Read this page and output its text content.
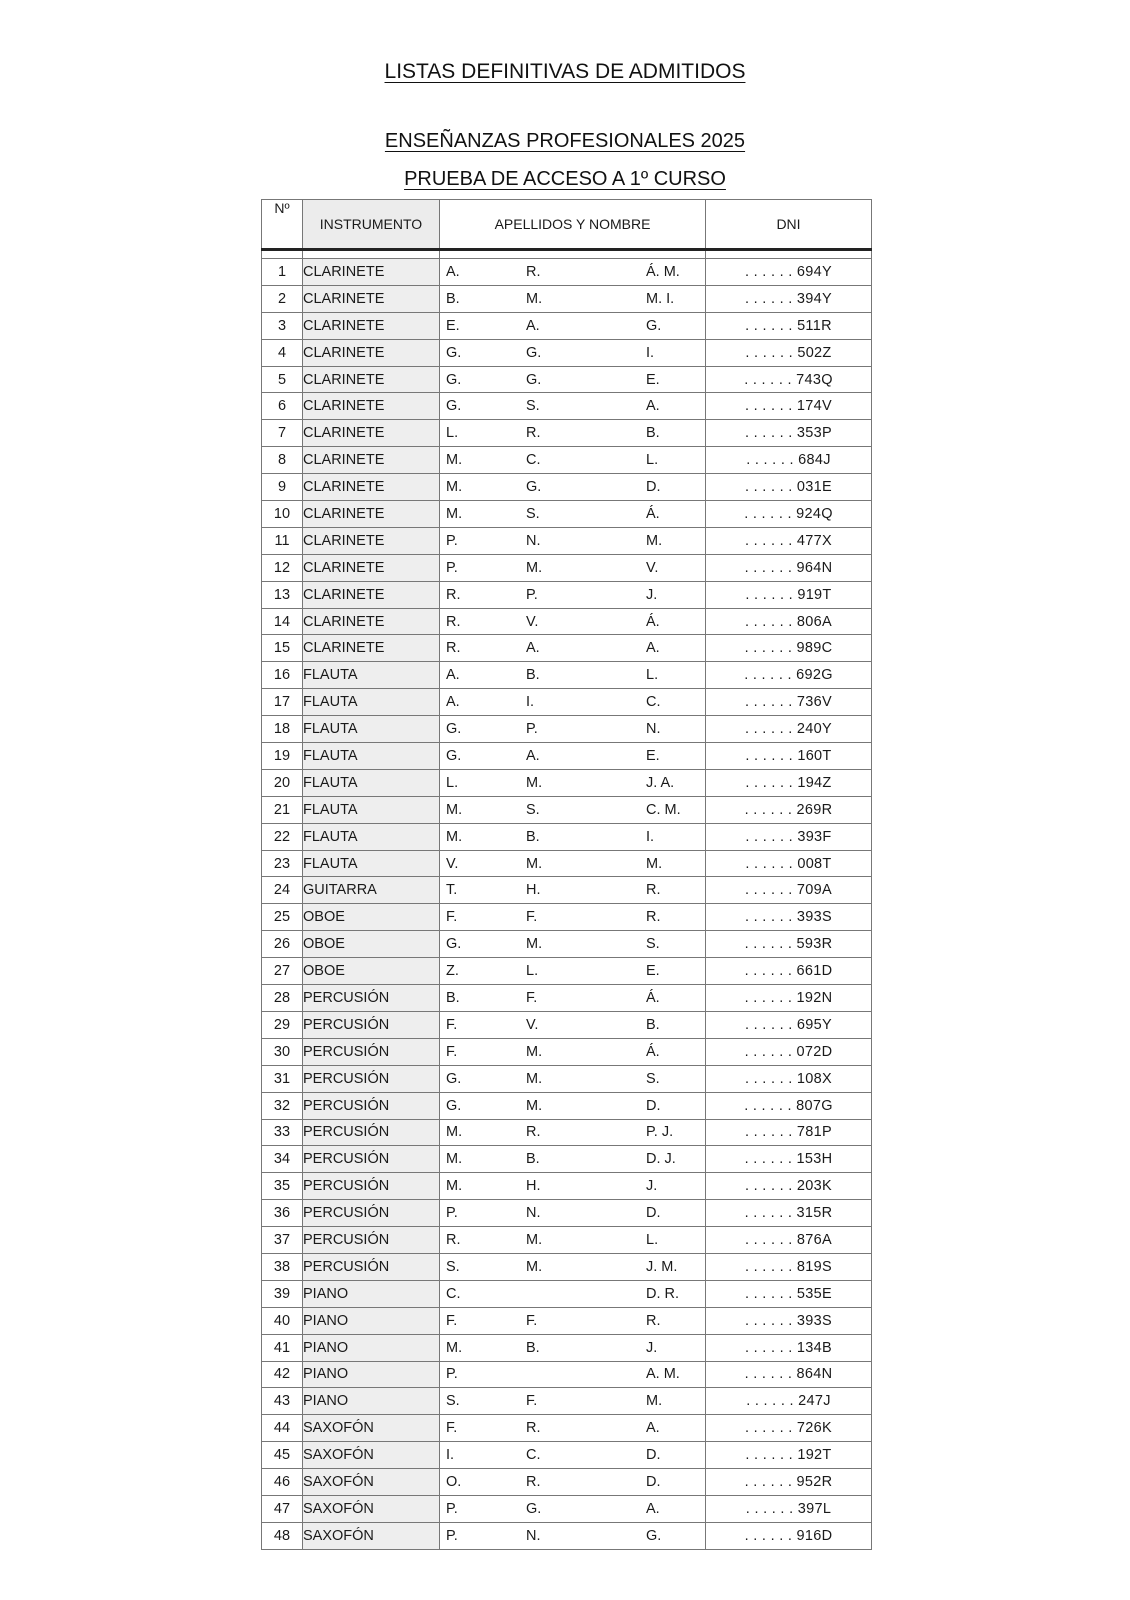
LISTAS DEFINITIVAS DE ADMITIDOS
ENSEÑANZAS PROFESIONALES 2025
PRUEBA DE ACCESO A 1º CURSO
Nº	INSTRUMENTO	APELLIDOS Y NOMBRE	DNI

1	CLARINETE	A. R. Á. M.	. . . . . . 694Y
2	CLARINETE	B. M. M. I.	. . . . . . 394Y
3	CLARINETE	E. A. G.	. . . . . . 511R
4	CLARINETE	G. G. I.	. . . . . . 502Z
5	CLARINETE	G. G. E.	. . . . . . 743Q
6	CLARINETE	G. S. A.	. . . . . . 174V
7	CLARINETE	L. R. B.	. . . . . . 353P
8	CLARINETE	M. C. L.	. . . . . . 684J
9	CLARINETE	M. G. D.	. . . . . . 031E
10	CLARINETE	M. S. Á.	. . . . . . 924Q
11	CLARINETE	P. N. M.	. . . . . . 477X
12	CLARINETE	P. M. V.	. . . . . . 964N
13	CLARINETE	R. P. J.	. . . . . . 919T
14	CLARINETE	R. V. Á.	. . . . . . 806A
15	CLARINETE	R. A. A.	. . . . . . 989C
16	FLAUTA	A. B. L.	. . . . . . 692G
17	FLAUTA	A. I. C.	. . . . . . 736V
18	FLAUTA	G. P. N.	. . . . . . 240Y
19	FLAUTA	G. A. E.	. . . . . . 160T
20	FLAUTA	L. M. J. A.	. . . . . . 194Z
21	FLAUTA	M. S. C. M.	. . . . . . 269R
22	FLAUTA	M. B. I.	. . . . . . 393F
23	FLAUTA	V. M. M.	. . . . . . 008T
24	GUITARRA	T. H. R.	. . . . . . 709A
25	OBOE	F. F. R.	. . . . . . 393S
26	OBOE	G. M. S.	. . . . . . 593R
27	OBOE	Z. L. E.	. . . . . . 661D
28	PERCUSIÓN	B. F. Á.	. . . . . . 192N
29	PERCUSIÓN	F. V. B.	. . . . . . 695Y
30	PERCUSIÓN	F. M. Á.	. . . . . . 072D
31	PERCUSIÓN	G. M. S.	. . . . . . 108X
32	PERCUSIÓN	G. M. D.	. . . . . . 807G
33	PERCUSIÓN	M. R. P. J.	. . . . . . 781P
34	PERCUSIÓN	M. B. D. J.	. . . . . . 153H
35	PERCUSIÓN	M. H. J.	. . . . . . 203K
36	PERCUSIÓN	P. N. D.	. . . . . . 315R
37	PERCUSIÓN	R. M. L.	. . . . . . 876A
38	PERCUSIÓN	S. M. J. M.	. . . . . . 819S
39	PIANO	C. D. R.	. . . . . . 535E
40	PIANO	F. F. R.	. . . . . . 393S
41	PIANO	M. B. J.	. . . . . . 134B
42	PIANO	P. A. M.	. . . . . . 864N
43	PIANO	S. F. M.	. . . . . . 247J
44	SAXOFÓN	F. R. A.	. . . . . . 726K
45	SAXOFÓN	I. C. D.	. . . . . . 192T
46	SAXOFÓN	O. R. D.	. . . . . . 952R
47	SAXOFÓN	P. G. A.	. . . . . . 397L
48	SAXOFÓN	P. N. G.	. . . . . . 916D
